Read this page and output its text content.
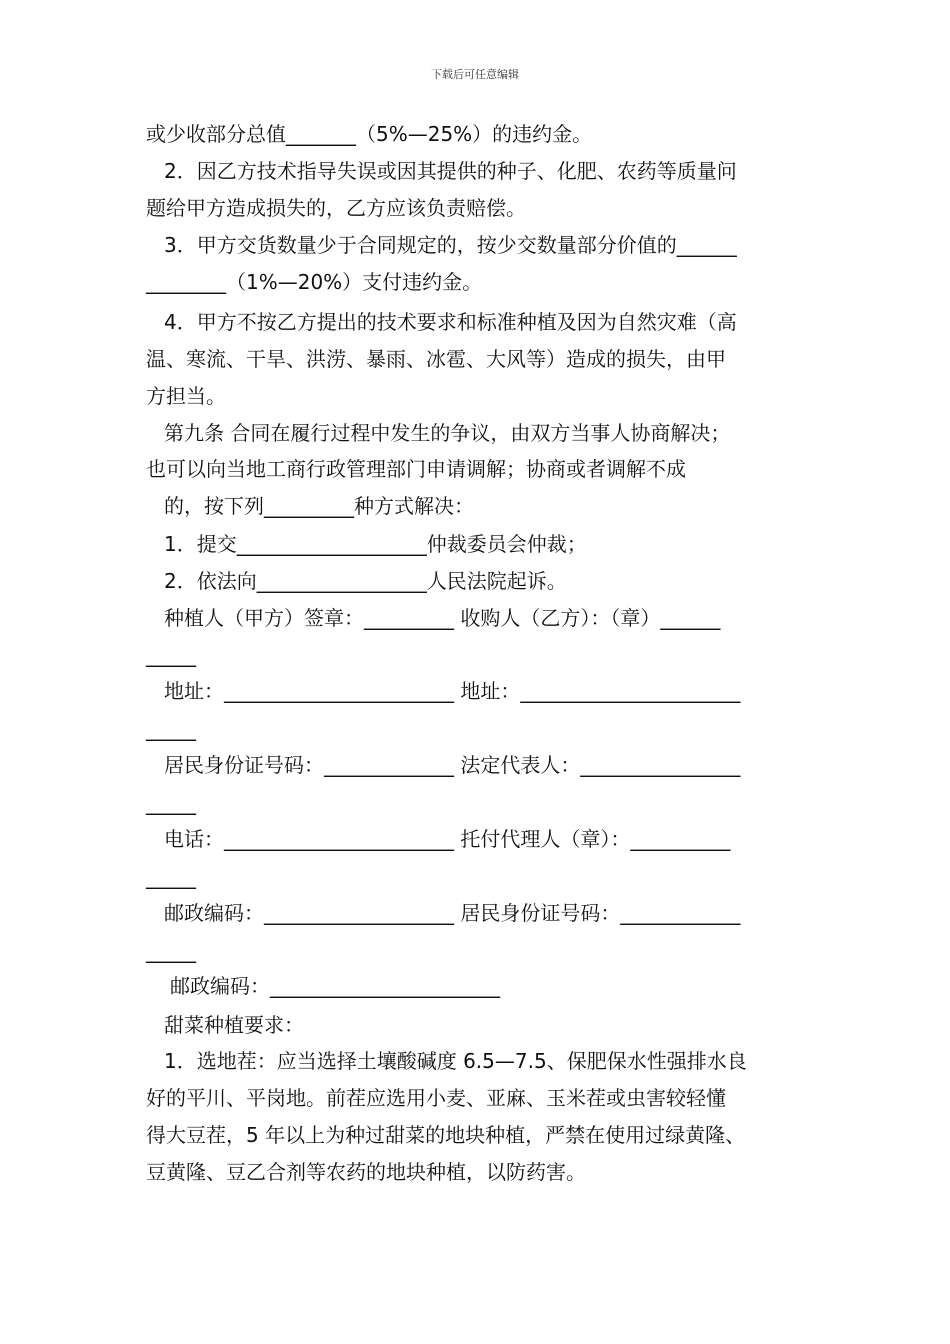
下载后可任意编辑
或少收部分总值_______（5%—25%）的违约金。
2．因乙方技术指导失误或因其提供的种子、化肥、农药等质量问
题给甲方造成损失的，乙方应该负责赔偿。
3．甲方交货数量少于合同规定的，按少交数量部分价值的______
________（1%—20%）支付违约金。
4．甲方不按乙方提出的技术要求和标准种植及因为自然灾难（高
温、寒流、干旱、洪涝、暴雨、冰雹、大风等）造成的损失，由甲
方担当。
第九条 合同在履行过程中发生的争议，由双方当事人协商解决；
也可以向当地工商行政管理部门申请调解；协商或者调解不成
的，按下列_________种方式解决：
1．提交___________________仲裁委员会仲裁；
2．依法向_________________人民法院起诉。
种植人（甲方）签章：_________ 收购人（乙方）：（章）______
_____
地址：_______________________ 地址：______________________
_____
居民身份证号码：_____________ 法定代表人：________________
_____
电话：_______________________ 托付代理人（章）：__________
_____
邮政编码：___________________ 居民身份证号码：____________
_____
邮政编码：_______________________
甜菜种植要求：
1．选地茬：应当选择土壤酸碱度 6.5—7.5、保肥保水性强排水良
好的平川、平岗地。前茬应选用小麦、亚麻、玉米茬或虫害较轻懂
得大豆茬，5 年以上为种过甜菜的地块种植，严禁在使用过绿黄隆、
豆黄隆、豆乙合剂等农药的地块种植，以防药害。
